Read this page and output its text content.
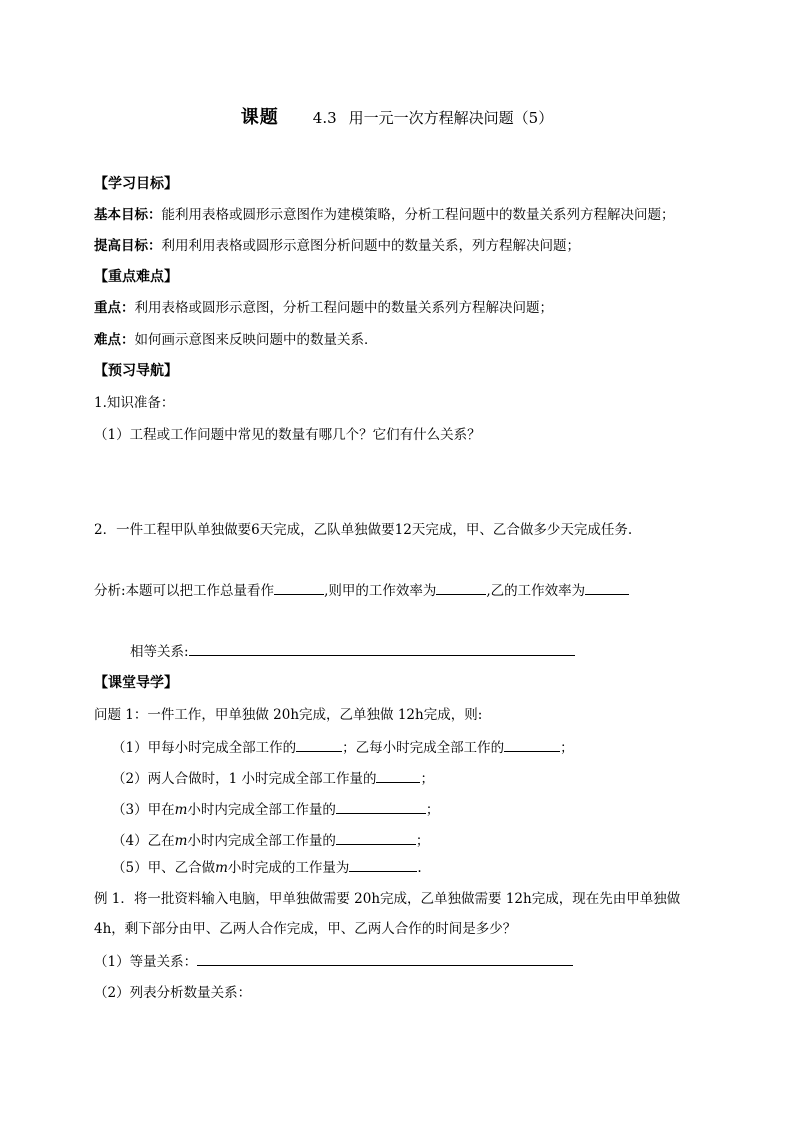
课题 4.3 用一元一次方程解决问题（5）
【学习目标】
基本目标：能利用表格或圆形示意图作为建模策略，分析工程问题中的数量关系列方程解决问题；
提高目标：利用利用表格或圆形示意图分析问题中的数量关系，列方程解决问题；
【重点难点】
重点：利用表格或圆形示意图，分析工程问题中的数量关系列方程解决问题；
难点：如何画示意图来反映问题中的数量关系．
【预习导航】
1.知识准备：
（1）工程或工作问题中常见的数量有哪几个？它们有什么关系？
2．一件工程甲队单独做要6天完成，乙队单独做要12天完成，甲、乙合做多少天完成任务.
分析:本题可以把工作总量看作	,则甲的工作效率为	,乙的工作效率为
相等关系:
【课堂导学】
问题 1：一件工作，甲单独做 20h完成，乙单独做 12h完成，则:
（1）甲每小时完成全部工作的	；乙每小时完成全部工作的	；
（2）两人合做时，1 小时完成全部工作量的	；
（3）甲在m小时内完成全部工作量的	；
（4）乙在m小时内完成全部工作量的	；
（5）甲、乙合做m小时完成的工作量为	.
例 1．将一批资料输入电脑，甲单独做需要 20h完成，乙单独做需要 12h完成，现在先由甲单独做
4h，剩下部分由甲、乙两人合作完成，甲、乙两人合作的时间是多少？
（1）等量关系：
（2）列表分析数量关系：
